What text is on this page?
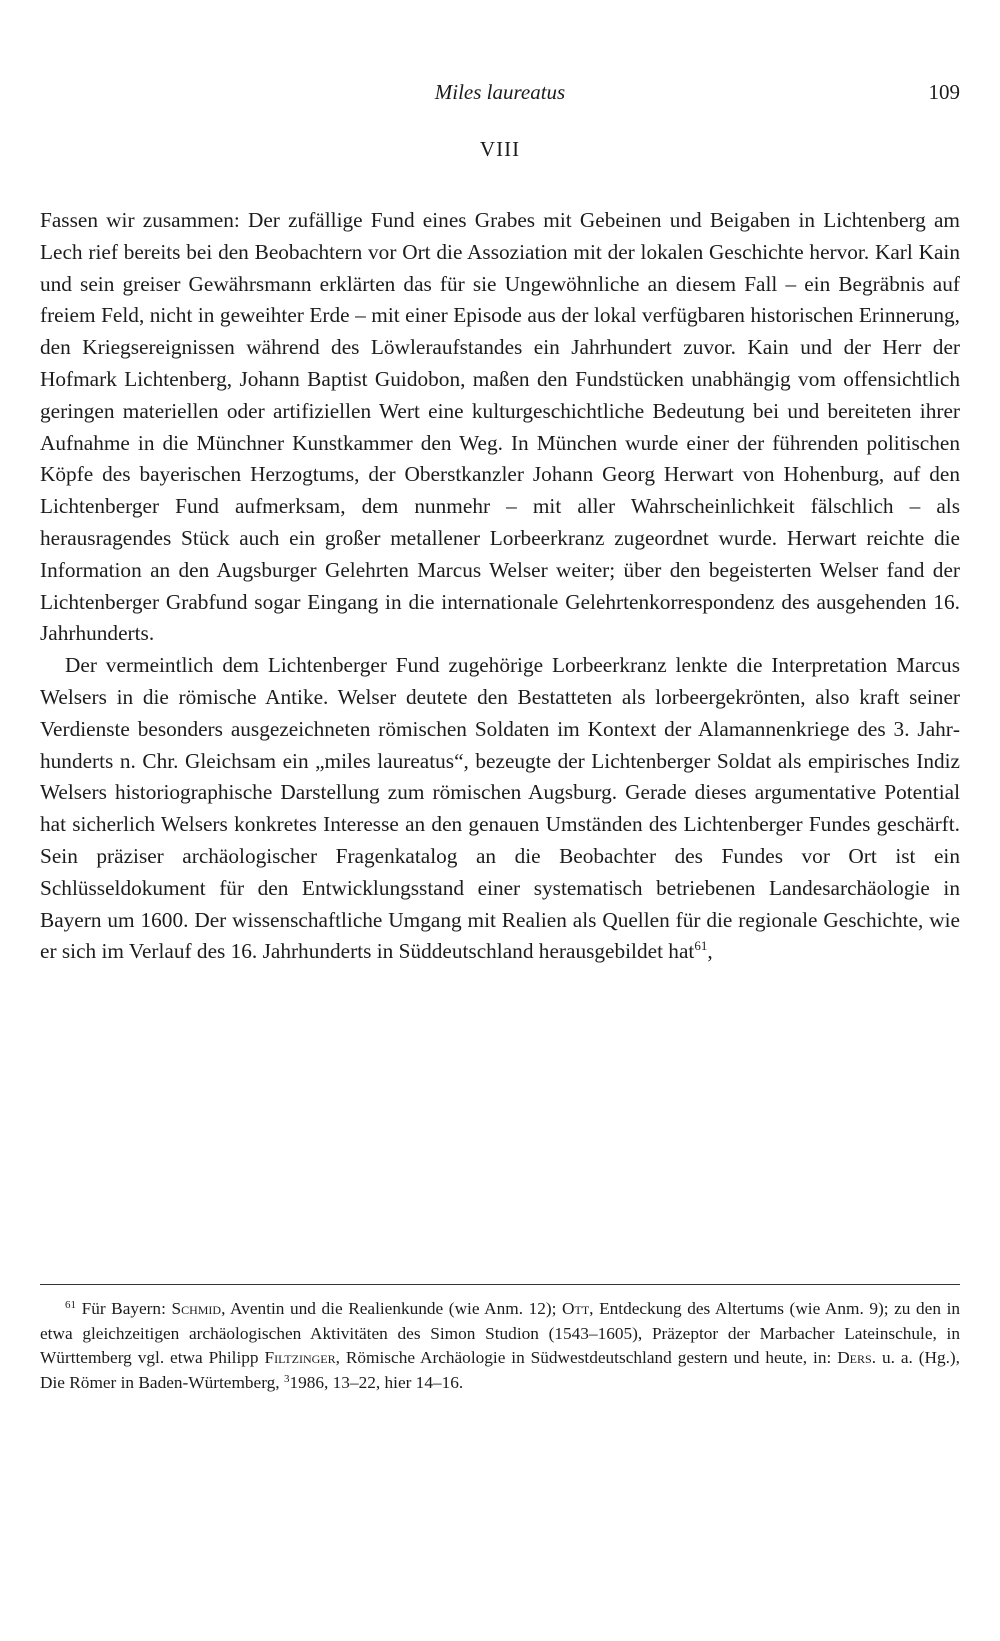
Miles laureatus	109
VIII

Fassen wir zusammen: Der zufällige Fund eines Grabes mit Gebeinen und Beigaben in Lichtenberg am Lech rief bereits bei den Beobachtern vor Ort die Assoziation mit der lokalen Geschichte hervor. Karl Kain und sein greiser Gewährsmann erklärten das für sie Ungewöhnliche an diesem Fall – ein Begräbnis auf freiem Feld, nicht in geweihter Erde – mit einer Episode aus der lokal verfügbaren historischen Erinnerung, den Kriegsereignissen während des Löwleraufstandes ein Jahrhundert zuvor. Kain und der Herr der Hofmark Lichtenberg, Johann Baptist Guidobon, maßen den Fundstücken unabhängig vom offensichtlich geringen materiellen oder artifiziellen Wert eine kulturgeschichtliche Bedeutung bei und bereiteten ihrer Aufnahme in die Münchner Kunstkammer den Weg. In München wurde einer der führenden politischen Köpfe des bayerischen Herzogtums, der Oberstkanzler Johann Georg Herwart von Hohenburg, auf den Lichtenberger Fund aufmerksam, dem nunmehr – mit aller Wahrscheinlichkeit fälschlich – als herausragendes Stück auch ein großer metallener Lorbeerkranz zugeordnet wurde. Herwart reichte die Information an den Augsburger Gelehrten Marcus Welser weiter; über den begeisterten Welser fand der Lichtenberger Grabfund sogar Eingang in die internationale Gelehrtenkorrespondenz des ausgehenden 16. Jahrhunderts.

Der vermeintlich dem Lichtenberger Fund zugehörige Lorbeerkranz lenkte die Interpretation Marcus Welsers in die römische Antike. Welser deutete den Bestatteten als lorbeergekrönten, also kraft seiner Verdienste besonders ausgezeichneten römischen Soldaten im Kontext der Alamannenkriege des 3. Jahrhunderts n. Chr. Gleichsam ein „miles laureatus“, bezeugte der Lichtenberger Soldat als empirisches Indiz Welsers historiographische Darstellung zum römischen Augsburg. Gerade dieses argumentative Potential hat sicherlich Welsers konkretes Interesse an den genauen Umständen des Lichtenberger Fundes geschärft. Sein präziser archäologischer Fragenkatalog an die Beobachter des Fundes vor Ort ist ein Schlüsseldokument für den Entwicklungsstand einer systematisch betriebenen Landesarchäologie in Bayern um 1600. Der wissenschaftliche Umgang mit Realien als Quellen für die regionale Geschichte, wie er sich im Verlauf des 16. Jahrhunderts in Süddeutschland herausgebildet hat$^{61}$,

$^{61}$ Für Bayern: Schmid, Aventin und die Realienkunde (wie Anm. 12); Ott, Entdeckung des Altertums (wie Anm. 9); zu den in etwa gleichzeitigen archäologischen Aktivitäten des Simon Studion (1543–1605), Präzeptor der Marbacher Lateinschule, in Württemberg vgl. etwa Philipp Filtzinger, Römische Archäologie in Südwestdeutschland gestern und heute, in: Ders. u. a. (Hg.), Die Römer in Baden-Würtemberg, $^3$1986, 13–22, hier 14–16.
